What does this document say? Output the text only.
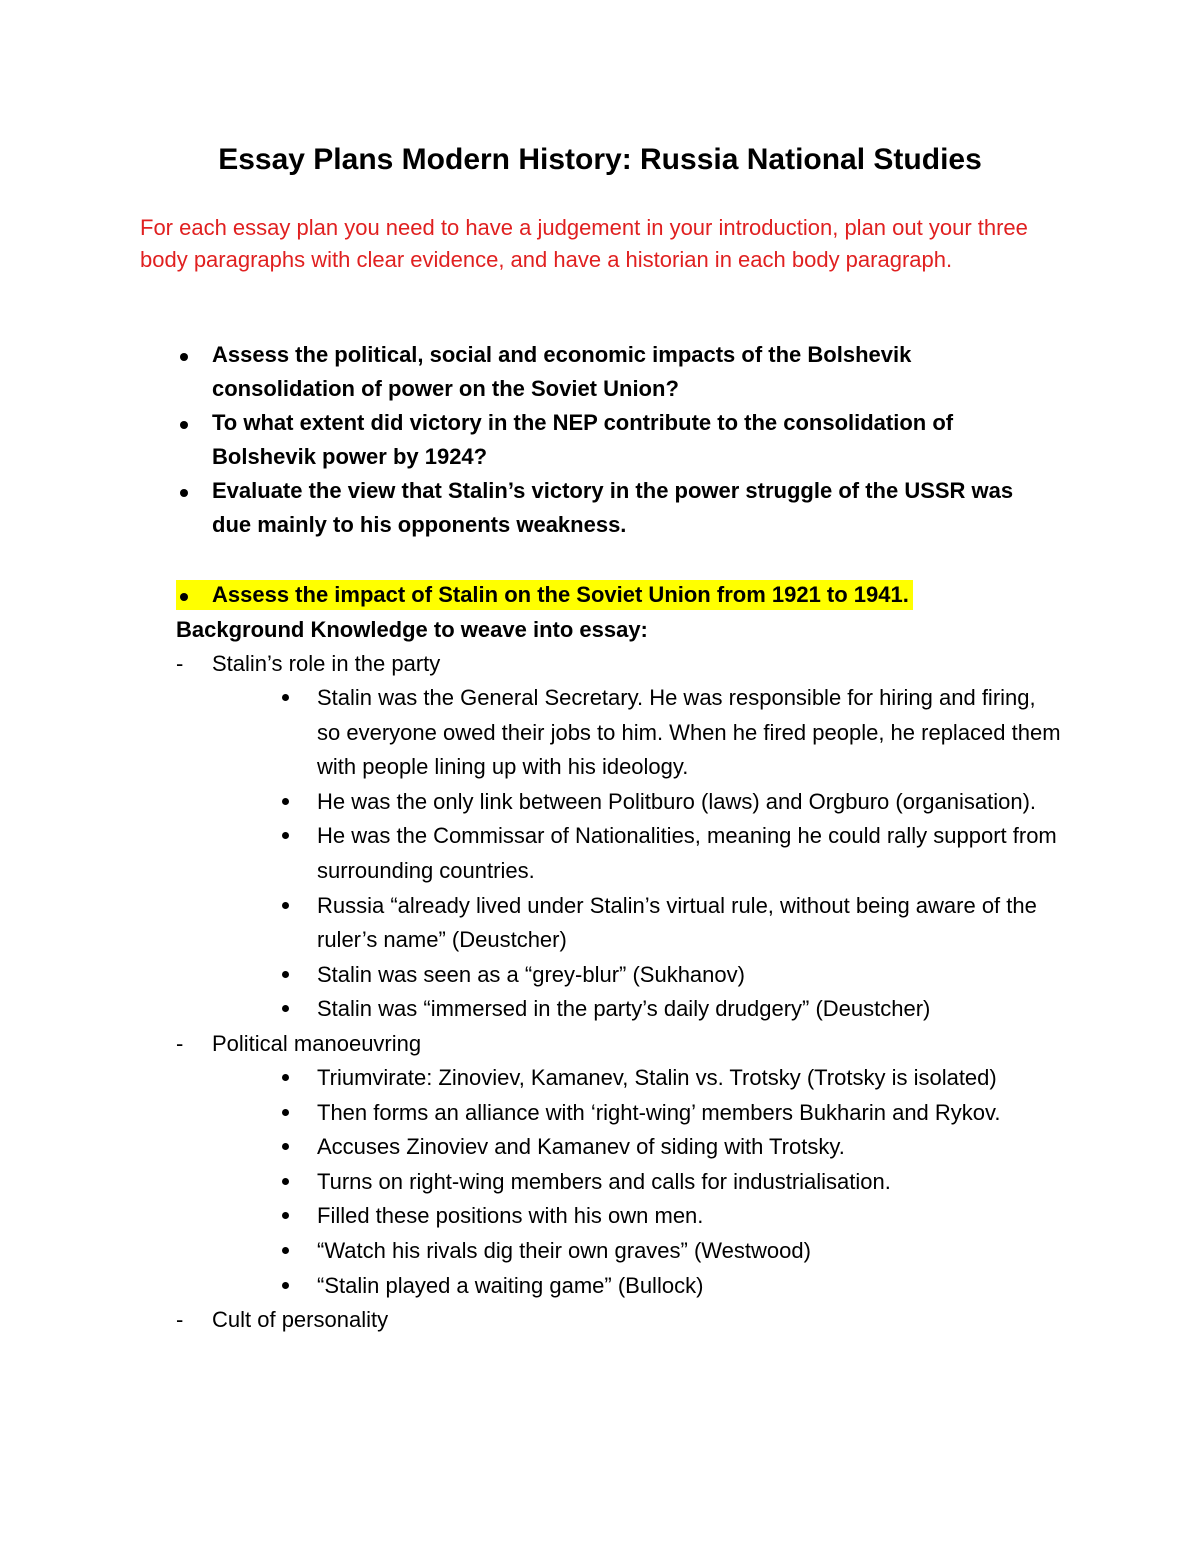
Essay Plans Modern History: Russia National Studies

For each essay plan you need to have a judgement in your introduction, plan out your three body paragraphs with clear evidence, and have a historian in each body paragraph.

Assess the political, social and economic impacts of the Bolshevik consolidation of power on the Soviet Union?
To what extent did victory in the NEP contribute to the consolidation of Bolshevik power by 1924?
Evaluate the view that Stalin’s victory in the power struggle of the USSR was due mainly to his opponents weakness.
Assess the impact of Stalin on the Soviet Union from 1921 to 1941.

Background Knowledge to weave into essay:

- Stalin’s role in the party
Stalin was the General Secretary. He was responsible for hiring and firing, so everyone owed their jobs to him. When he fired people, he replaced them with people lining up with his ideology.
He was the only link between Politburo (laws) and Orgburo (organisation).
He was the Commissar of Nationalities, meaning he could rally support from surrounding countries.
Russia “already lived under Stalin’s virtual rule, without being aware of the ruler’s name” (Deustcher)
Stalin was seen as a “grey-blur” (Sukhanov)
Stalin was “immersed in the party’s daily drudgery” (Deustcher)
- Political manoeuvring
Triumvirate: Zinoviev, Kamanev, Stalin vs. Trotsky (Trotsky is isolated)
Then forms an alliance with ‘right-wing’ members Bukharin and Rykov.
Accuses Zinoviev and Kamanev of siding with Trotsky.
Turns on right-wing members and calls for industrialisation.
Filled these positions with his own men.
“Watch his rivals dig their own graves” (Westwood)
“Stalin played a waiting game” (Bullock)
- Cult of personality
